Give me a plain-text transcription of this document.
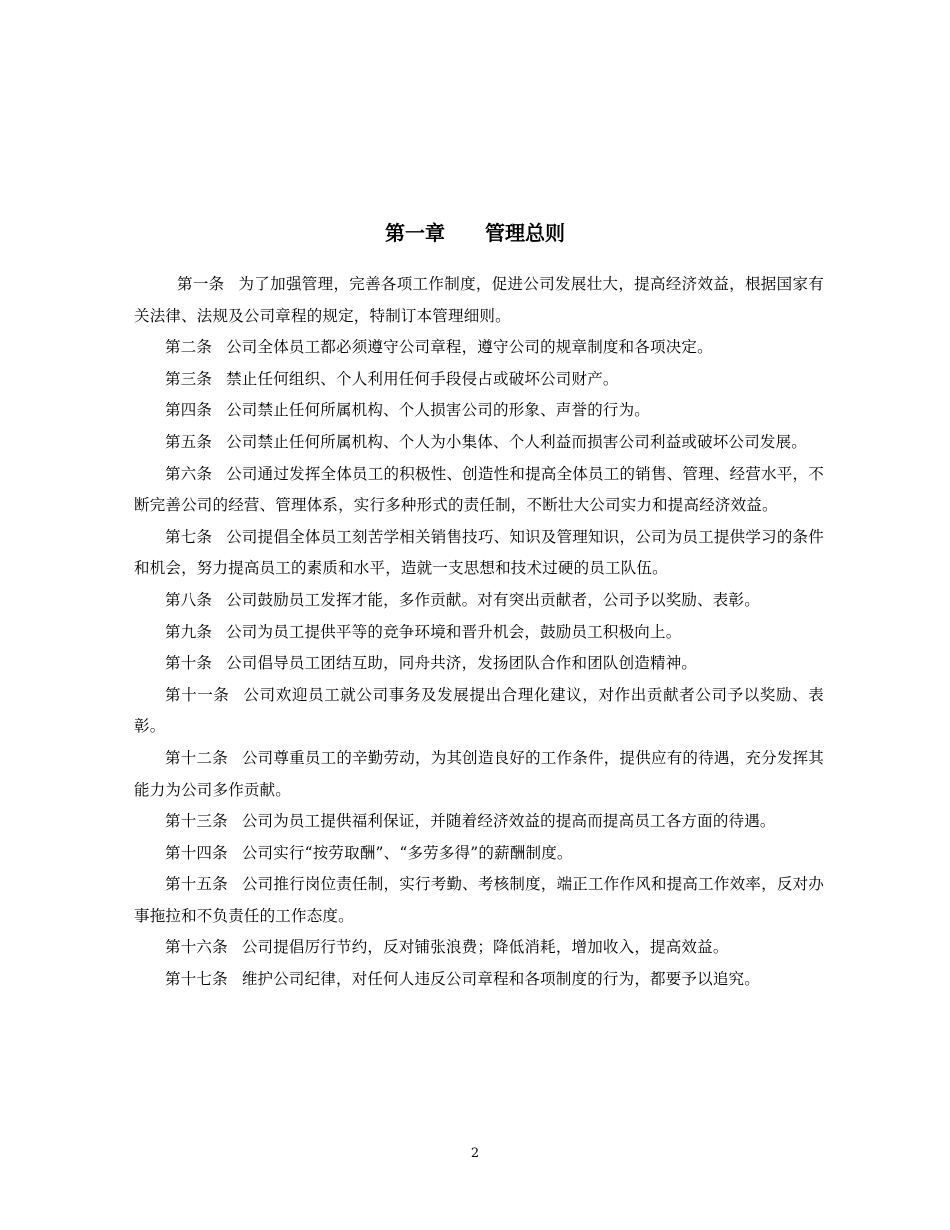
第一章　　管理总则

第一条 为了加强管理，完善各项工作制度，促进公司发展壮大，提高经济效益，根据国家有关法律、法规及公司章程的规定，特制订本管理细则。

第二条 公司全体员工都必须遵守公司章程，遵守公司的规章制度和各项决定。

第三条 禁止任何组织、个人利用任何手段侵占或破坏公司财产。

第四条 公司禁止任何所属机构、个人损害公司的形象、声誉的行为。

第五条 公司禁止任何所属机构、个人为小集体、个人利益而损害公司利益或破坏公司发展。

第六条 公司通过发挥全体员工的积极性、创造性和提高全体员工的销售、管理、经营水平，不断完善公司的经营、管理体系，实行多种形式的责任制，不断壮大公司实力和提高经济效益。

第七条 公司提倡全体员工刻苦学相关销售技巧、知识及管理知识，公司为员工提供学习的条件和机会，努力提高员工的素质和水平，造就一支思想和技术过硬的员工队伍。

第八条 公司鼓励员工发挥才能，多作贡献。对有突出贡献者，公司予以奖励、表彰。

第九条 公司为员工提供平等的竞争环境和晋升机会，鼓励员工积极向上。

第十条 公司倡导员工团结互助，同舟共济，发扬团队合作和团队创造精神。

第十一条 公司欢迎员工就公司事务及发展提出合理化建议，对作出贡献者公司予以奖励、表彰。

第十二条 公司尊重员工的辛勤劳动，为其创造良好的工作条件，提供应有的待遇，充分发挥其能力为公司多作贡献。

第十三条 公司为员工提供福利保证，并随着经济效益的提高而提高员工各方面的待遇。

第十四条 公司实行“按劳取酬”、“多劳多得”的薪酬制度。

第十五条 公司推行岗位责任制，实行考勤、考核制度，端正工作作风和提高工作效率，反对办事拖拉和不负责任的工作态度。

第十六条 公司提倡厉行节约，反对铺张浪费；降低消耗，增加收入，提高效益。

第十七条 维护公司纪律，对任何人违反公司章程和各项制度的行为，都要予以追究。

2
